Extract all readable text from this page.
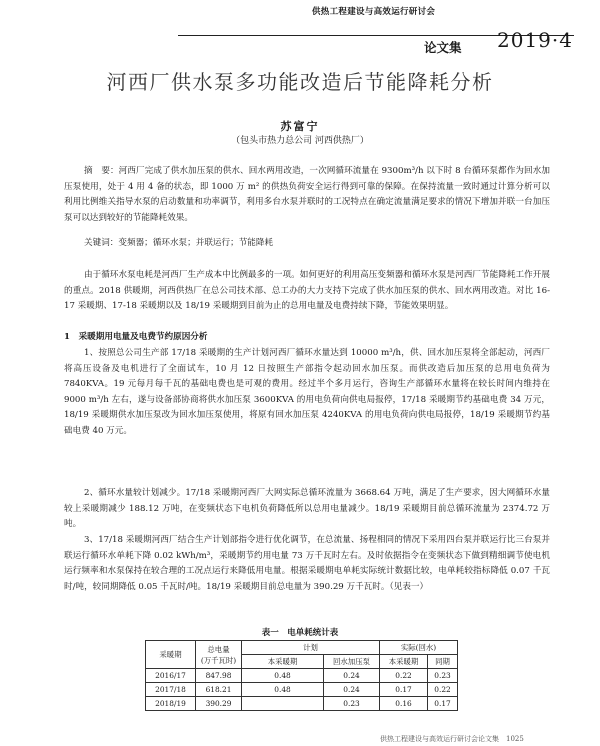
供热工程建设与高效运行研讨会
论文集 2019·4
河西厂供水泵多功能改造后节能降耗分析
苏富宁
（包头市热力总公司 河西供热厂）
摘　要：河西厂完成了供水加压泵的供水、回水两用改造，一次网循环流量在 9300m³/h 以下时 8 台循环泵都作为回水加压泵使用，处于 4 用 4 备的状态，即 1000 万 m² 的供热负荷安全运行得到可靠的保障。在保持流量一致时通过计算分析可以利用比例维关指导水泵的启动数量和功率调节，利用多台水泵并联时的工况特点在确定流量满足要求的情况下增加并联一台加压泵可以达到较好的节能降耗效果。
关键词：变频器；循环水泵；并联运行；节能降耗
由于循环水泵电耗是河西厂生产成本中比例最多的一项。如何更好的利用高压变频器和循环水泵是河西厂节能降耗工作开展的重点。2018 供暖期，河西供热厂在总公司技术部、总工办的大力支持下完成了供水加压泵的供水、回水两用改造。对比 16-17 采暖期、17-18 采暖期以及 18/19 采暖期到目前为止的总用电量及电费持续下降，节能效果明显。
1　采暖期用电量及电费节约原因分析
1、按照总公司生产部 17/18 采暖期的生产计划河西厂循环水量达到 10000 m³/h，供、回水加压泵将全部起动，河西厂将高压设备及电机进行了全面试车，10 月 12 日按照生产部指令起动回水加压泵。而供改造后加压泵的总用电负荷为 7840KVA。19 元每月每千瓦的基础电费也是可观的费用。经过半个多月运行，咨询生产部循环水量将在较长时间内维持在 9000 m³/h 左右，遂与设备部协商将供水加压泵 3600KVA 的用电负荷向供电局报停，17/18 采暖期节约基础电费 34 万元，18/19 采暖期供水加压泵改为回水加压泵使用，将原有回水加压泵 4240KVA 的用电负荷向供电局报停，18/19 采暖期节约基础电费 40 万元。
2、循环水量较计划减少。17/18 采暖期河西厂大网实际总循环流量为 3668.64 万吨，满足了生产要求，因大网循环水量较上采暖期减少 188.12 万吨，在变频状态下电机负荷降低所以总用电量减少。18/19 采暖期目前总循环流量为 2374.72 万吨。
3、17/18 采暖期河西厂结合生产计划部指令进行优化调节，在总流量、扬程相同的情况下采用四台泵并联运行比三台泵并联运行循环水单耗下降 0.02 kWh/m³，采暖期节约用电量 73 万千瓦时左右。及时依据指令在变频状态下做到精细调节使电机运行频率和水泵保持在较合理的工况点运行来降低用电量。根据采暖期电单耗实际统计数据比较，电单耗较指标降低 0.07 千瓦时/吨，较同期降低 0.05 千瓦时/吨。18/19 采暖期目前总电量为 390.29 万千瓦时。（见表一）
表一　电单耗统计表
采暖期	总电量
(万千瓦时)	计划		实际(回水)	
		本采暖期	回水加压泵	本采暖期	同期
2016/17	847.98	0.48	0.24	0.22	0.23
2017/18	618.21	0.48	0.24	0.17	0.22
2018/19	390.29		0.23	0.16	0.17
供热工程建设与高效运行研讨会论文集　1025
